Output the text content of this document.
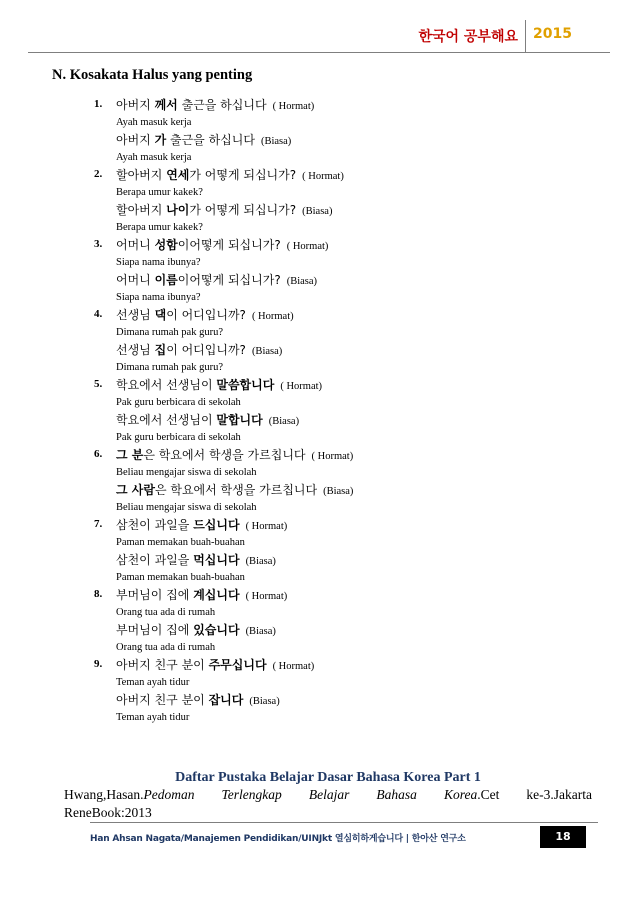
한국어 공부해요 2015
N. Kosakata Halus yang penting
1. 아버지 께서 출근을 하십니다 ( Hormat)
Ayah masuk kerja
아버지 가 출근을 하십니다 (Biasa)
Ayah masuk kerja
2. 할아버지 연세가 어떻게 되십니가? ( Hormat)
Berapa umur kakek?
할아버지 나이가 어떻게 되십니가? (Biasa)
Berapa umur kakek?
3. 어머니 성함이어떻게 되십니가? ( Hormat)
Siapa nama ibunya?
어머니 이름이어떻게 되십니가? (Biasa)
Siapa nama ibunya?
4. 선생님 댁이 어디입니까? ( Hormat)
Dimana rumah pak guru?
선생님 집이 어디입니까? (Biasa)
Dimana rumah pak guru?
5. 학요에서 선생님이 말씀합니다 ( Hormat)
Pak guru berbicara di sekolah
학요에서 선생님이 말합니다 (Biasa)
Pak guru berbicara di sekolah
6. 그 분은 학요에서 학생을 가르칩니다 ( Hormat)
Beliau mengajar siswa di sekolah
그 사람은 학요에서 학생을 가르칩니다 (Biasa)
Beliau mengajar siswa di sekolah
7. 삼천이 과일을 드십니다 ( Hormat)
Paman memakan buah-buahan
삼천이 과일을 먹십니다 (Biasa)
Paman memakan buah-buahan
8. 부머님이 집에 계십니다 ( Hormat)
Orang tua ada di rumah
부머님이 집에 있습니다 (Biasa)
Orang tua ada di rumah
9. 아버지 친구 분이 주무십니다 ( Hormat)
Teman ayah tidur
아버지 친구 분이 잡니다 (Biasa)
Teman ayah tidur
Daftar Pustaka Belajar Dasar Bahasa Korea Part 1
Hwang,Hasan.Pedoman Terlengkap Belajar Bahasa Korea.Cet ke-3.Jakarta
ReneBook:2013
Han Ahsan Nagata/Manajemen Pendidikan/UINJkt 열심히하게습니다 | 한아산 연구소	18
